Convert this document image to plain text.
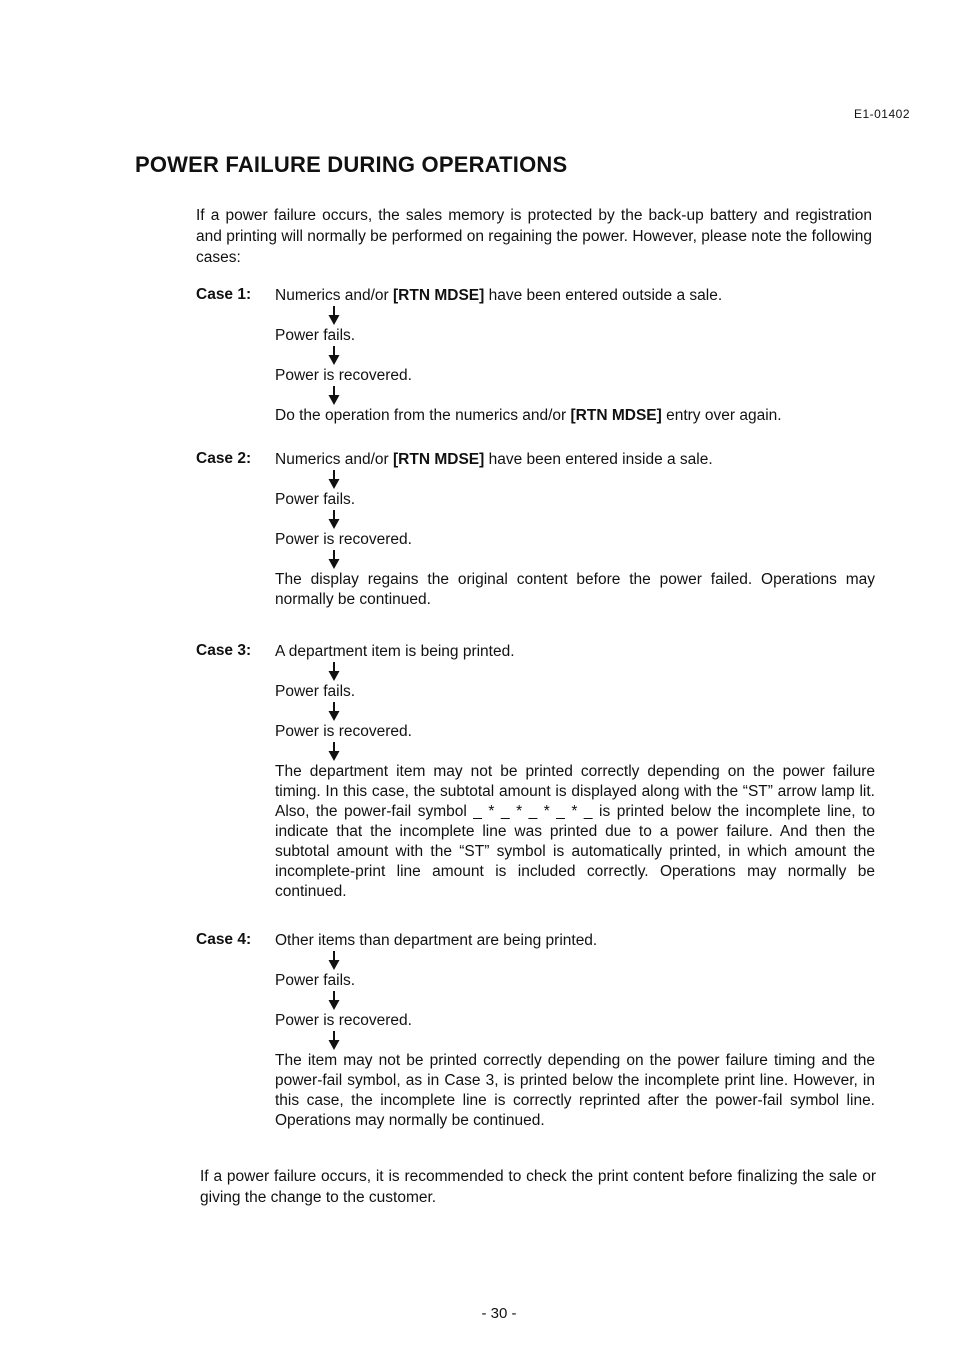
E1-01402
POWER FAILURE DURING OPERATIONS

If a power failure occurs, the sales memory is protected by the back-up battery and registration and printing will normally be performed on regaining the power. However, please note the following cases:

Case 1: Numerics and/or [RTN MDSE] have been entered outside a sale.

Power fails.

Power is recovered.

Do the operation from the numerics and/or [RTN MDSE] entry over again.

Case 2: Numerics and/or [RTN MDSE] have been entered inside a sale.

Power fails.

Power is recovered.

The display regains the original content before the power failed. Operations may normally be continued.

Case 3: A department item is being printed.

Power fails.

Power is recovered.

The department item may not be printed correctly depending on the power failure timing. In this case, the subtotal amount is displayed along with the “ST” arrow lamp lit. Also, the power-fail symbol _ * _ * _ * _ * _ is printed below the incomplete line, to indicate that the incomplete line was printed due to a power failure. And then the subtotal amount with the “ST” symbol is automatically printed, in which amount the incomplete-print line amount is included correctly. Operations may normally be continued.

Case 4: Other items than department are being printed.

Power fails.

Power is recovered.

The item may not be printed correctly depending on the power failure timing and the power-fail symbol, as in Case 3, is printed below the incomplete print line. However, in this case, the incomplete line is correctly reprinted after the power-fail symbol line. Operations may normally be continued.

If a power failure occurs, it is recommended to check the print content before finalizing the sale or giving the change to the customer.

- 30 -
